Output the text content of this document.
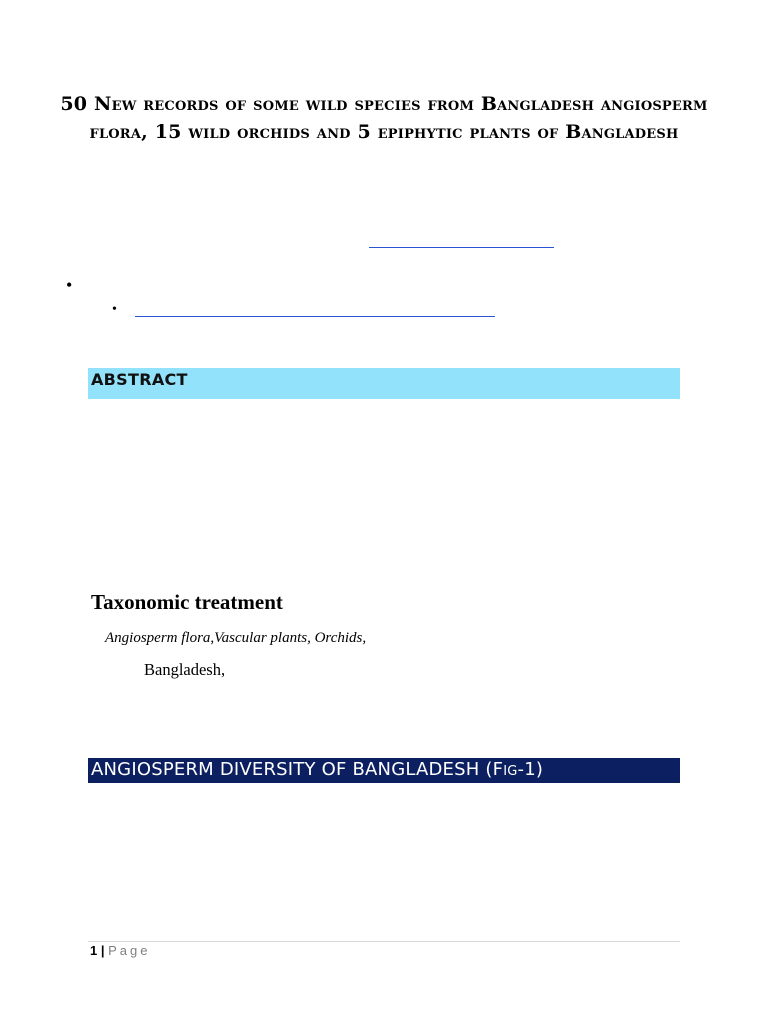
50 New records of some wild species from Bangladesh angiosperm flora, 15 wild orchids and 5 epiphytic plants of Bangladesh
•
•
ABSTRACT
Taxonomic treatment
Angiosperm flora,Vascular plants, Orchids,
Bangladesh,
ANGIOSPERM DIVERSITY OF BANGLADESH (Fig-1)
1 | Page
